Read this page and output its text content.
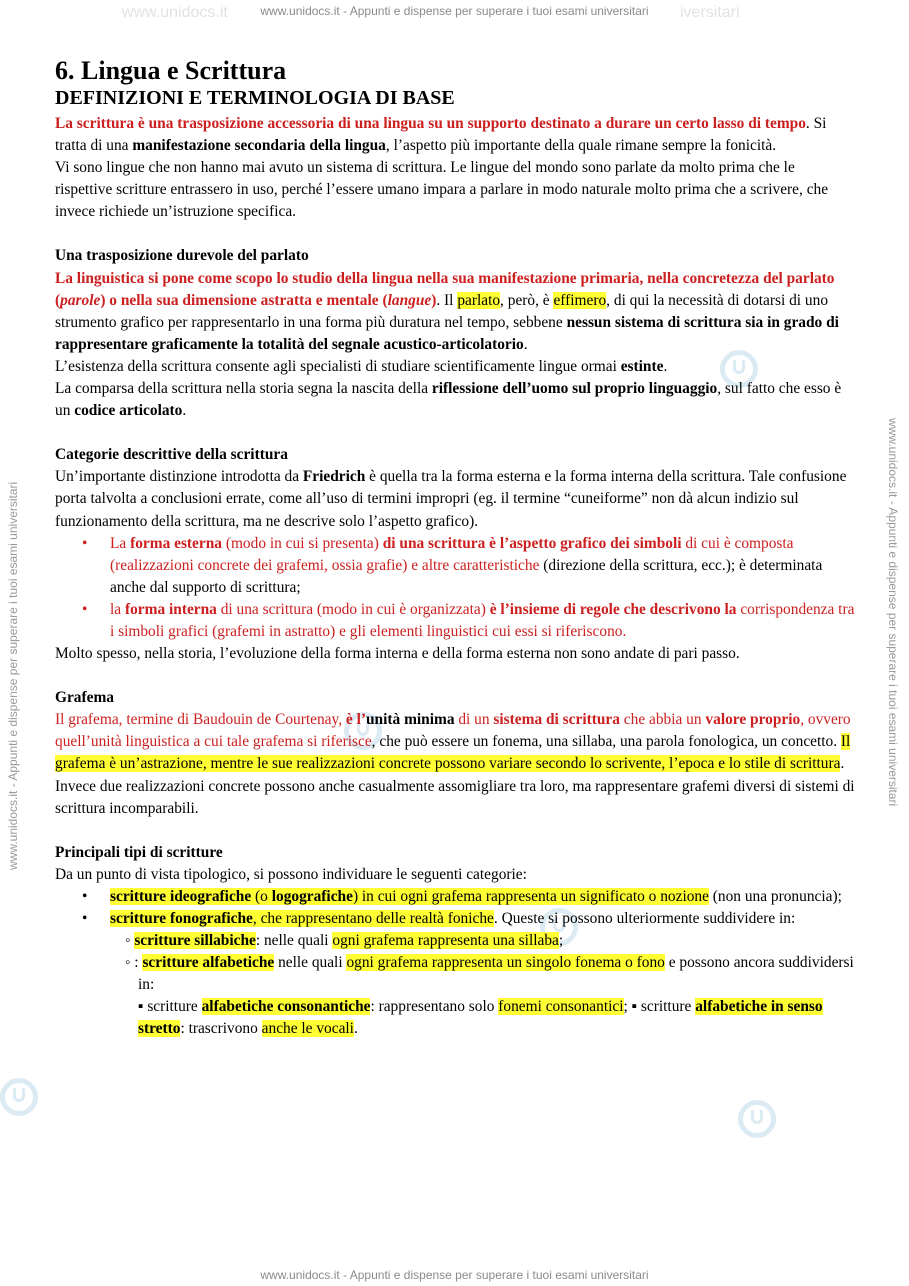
www.unidocs.it	iversitari
www.unidocs.it - Appunti e dispense per superare i tuoi esami universitari
www.unidocs.it - Appunti e dispense per superare i tuoi esami universitari
www.unidocs.it - Appunti e dispense per superare i tuoi esami universitari	www.unidocs.it - Appunti e dispense per superare i tuoi esami universitari
6. Lingua e Scrittura
DEFINIZIONI E TERMINOLOGIA DI BASE

La scrittura è una trasposizione accessoria di una lingua su un supporto destinato a durare un certo lasso di tempo. Si tratta di una manifestazione secondaria della lingua, l’aspetto più importante della quale rimane sempre la fonicità.

Vi sono lingue che non hanno mai avuto un sistema di scrittura. Le lingue del mondo sono parlate da molto prima che le rispettive scritture entrassero in uso, perché l’essere umano impara a parlare in modo naturale molto prima che a scrivere, che invece richiede un’istruzione specifica.

Una trasposizione durevole del parlato

La linguistica si pone come scopo lo studio della lingua nella sua manifestazione primaria, nella concretezza del parlato (parole) o nella sua dimensione astratta e mentale (langue). Il parlato, però, è effimero, di qui la necessità di dotarsi di uno strumento grafico per rappresentarlo in una forma più duratura nel tempo, sebbene nessun sistema di scrittura sia in grado di rappresentare graficamente la totalità del segnale acustico-articolatorio.

L’esistenza della scrittura consente agli specialisti di studiare scientificamente lingue ormai estinte.

La comparsa della scrittura nella storia segna la nascita della riflessione dell’uomo sul proprio linguaggio, sul fatto che esso è un codice articolato.

Categorie descrittive della scrittura

Un’importante distinzione introdotta da Friedrich è quella tra la forma esterna e la forma interna della scrittura. Tale confusione porta talvolta a conclusioni errate, come all’uso di termini impropri (eg. il termine “cuneiforme” non dà alcun indizio sul funzionamento della scrittura, ma ne descrive solo l’aspetto grafico).

• La forma esterna (modo in cui si presenta) di una scrittura è l’aspetto grafico dei simboli di cui è composta (realizzazioni concrete dei grafemi, ossia grafie) e altre caratteristiche (direzione della scrittura, ecc.); è determinata anche dal supporto di scrittura;
• la forma interna di una scrittura (modo in cui è organizzata) è l’insieme di regole che descrivono la corrispondenza tra i simboli grafici (grafemi in astratto) e gli elementi linguistici cui essi si riferiscono.

Molto spesso, nella storia, l’evoluzione della forma interna e della forma esterna non sono andate di pari passo.

Grafema

Il grafema, termine di Baudouin de Courtenay, è l’unità minima di un sistema di scrittura che abbia un valore proprio, ovvero quell’unità linguistica a cui tale grafema si riferisce, che può essere un fonema, una sillaba, una parola fonologica, un concetto. Il grafema è un’astrazione, mentre le sue realizzazioni concrete possono variare secondo lo scrivente, l’epoca e lo stile di scrittura. Invece due realizzazioni concrete possono anche casualmente assomigliare tra loro, ma rappresentare grafemi diversi di sistemi di scrittura incomparabili.

Principali tipi di scritture

Da un punto di vista tipologico, si possono individuare le seguenti categorie:

• scritture ideografiche (o logografiche) in cui ogni grafema rappresenta un significato o nozione (non una pronuncia);
• scritture fonografiche, che rappresentano delle realtà foniche. Queste si possono ulteriormente suddividere in:
◦ scritture sillabiche: nelle quali ogni grafema rappresenta una sillaba;
◦ : scritture alfabetiche nelle quali ogni grafema rappresenta un singolo fonema o fono e possono ancora suddividersi in:
▪ scritture alfabetiche consonantiche: rappresentano solo fonemi consonantici; ▪ scritture alfabetiche in senso stretto: trascrivono anche le vocali.
